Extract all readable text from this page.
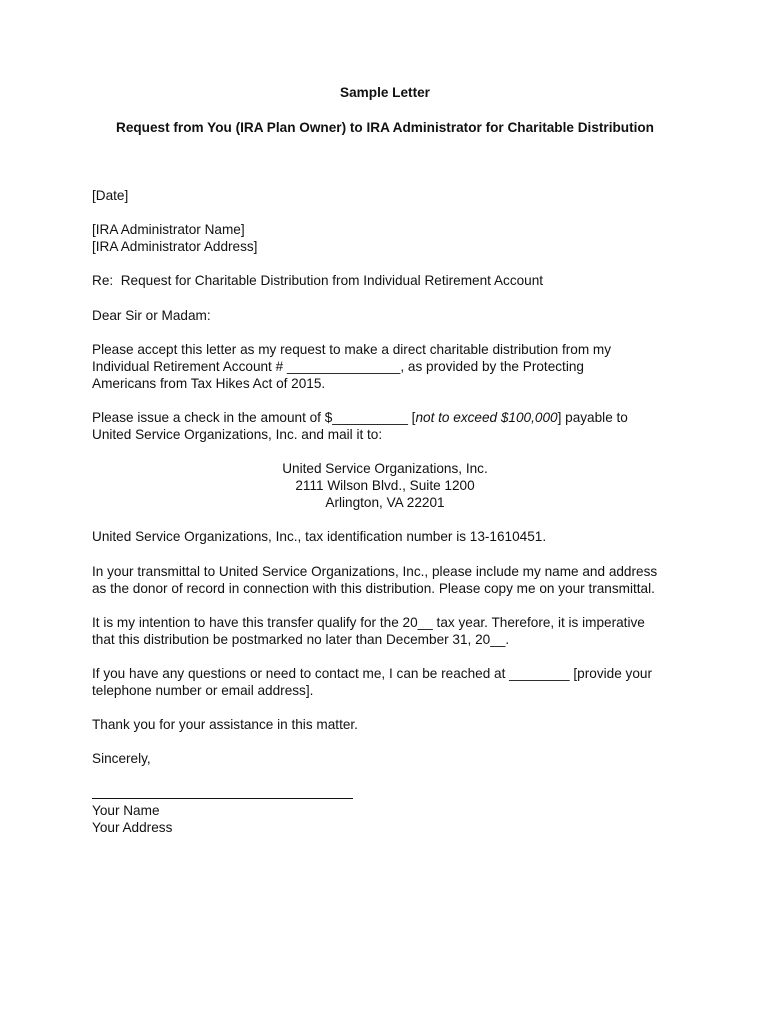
Sample Letter

Request from You (IRA Plan Owner) to IRA Administrator for Charitable Distribution

[Date]

[IRA Administrator Name]

[IRA Administrator Address]

Re: Request for Charitable Distribution from Individual Retirement Account

Dear Sir or Madam:

Please accept this letter as my request to make a direct charitable distribution from my

Individual Retirement Account # _______________, as provided by the Protecting

Americans from Tax Hikes Act of 2015.

Please issue a check in the amount of $__________ [not to exceed $100,000] payable to

United Service Organizations, Inc. and mail it to:

United Service Organizations, Inc.

2111 Wilson Blvd., Suite 1200

Arlington, VA 22201

United Service Organizations, Inc., tax identification number is 13-1610451.

In your transmittal to United Service Organizations, Inc., please include my name and address

as the donor of record in connection with this distribution. Please copy me on your transmittal.

It is my intention to have this transfer qualify for the 20__ tax year. Therefore, it is imperative

that this distribution be postmarked no later than December 31, 20__.

If you have any questions or need to contact me, I can be reached at ________ [provide your

telephone number or email address].

Thank you for your assistance in this matter.

Sincerely,

Your Name

Your Address
